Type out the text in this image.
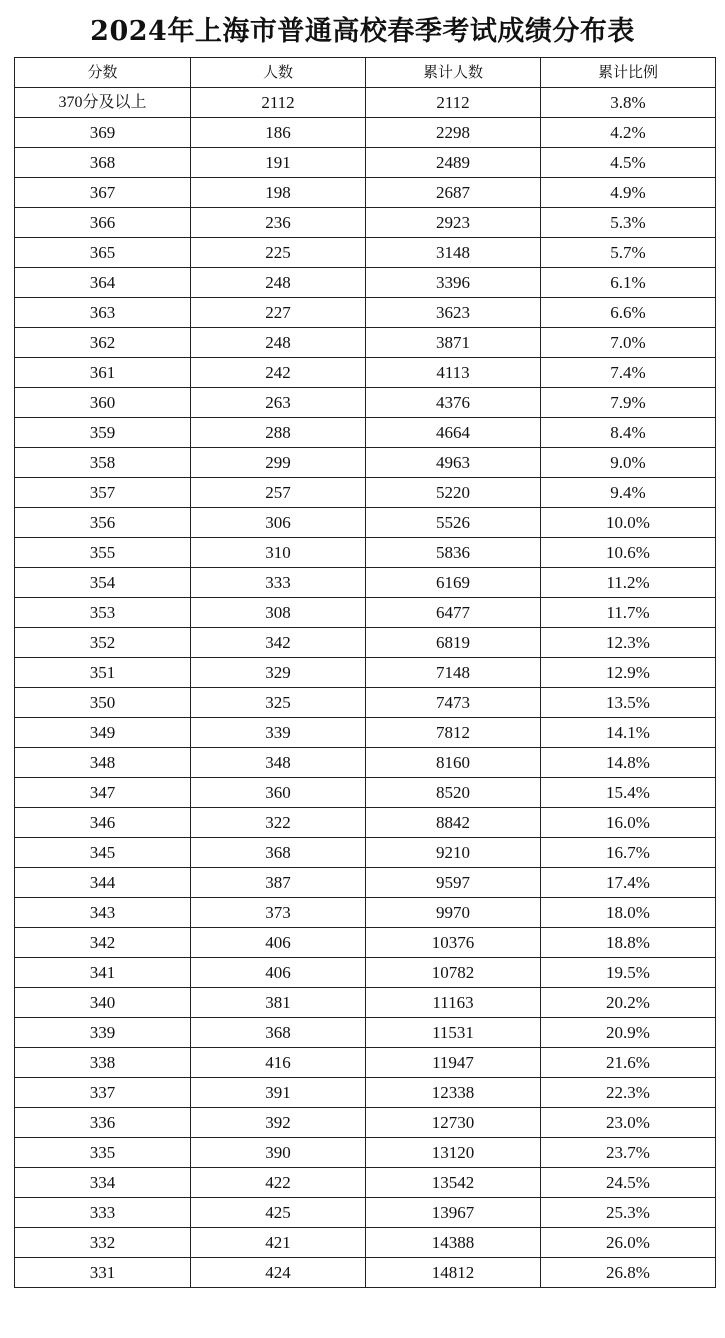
2024年上海市普通高校春季考试成绩分布表
分数	人数	累计人数	累计比例
370分及以上	2112	2112	3.8%
369	186	2298	4.2%
368	191	2489	4.5%
367	198	2687	4.9%
366	236	2923	5.3%
365	225	3148	5.7%
364	248	3396	6.1%
363	227	3623	6.6%
362	248	3871	7.0%
361	242	4113	7.4%
360	263	4376	7.9%
359	288	4664	8.4%
358	299	4963	9.0%
357	257	5220	9.4%
356	306	5526	10.0%
355	310	5836	10.6%
354	333	6169	11.2%
353	308	6477	11.7%
352	342	6819	12.3%
351	329	7148	12.9%
350	325	7473	13.5%
349	339	7812	14.1%
348	348	8160	14.8%
347	360	8520	15.4%
346	322	8842	16.0%
345	368	9210	16.7%
344	387	9597	17.4%
343	373	9970	18.0%
342	406	10376	18.8%
341	406	10782	19.5%
340	381	11163	20.2%
339	368	11531	20.9%
338	416	11947	21.6%
337	391	12338	22.3%
336	392	12730	23.0%
335	390	13120	23.7%
334	422	13542	24.5%
333	425	13967	25.3%
332	421	14388	26.0%
331	424	14812	26.8%
